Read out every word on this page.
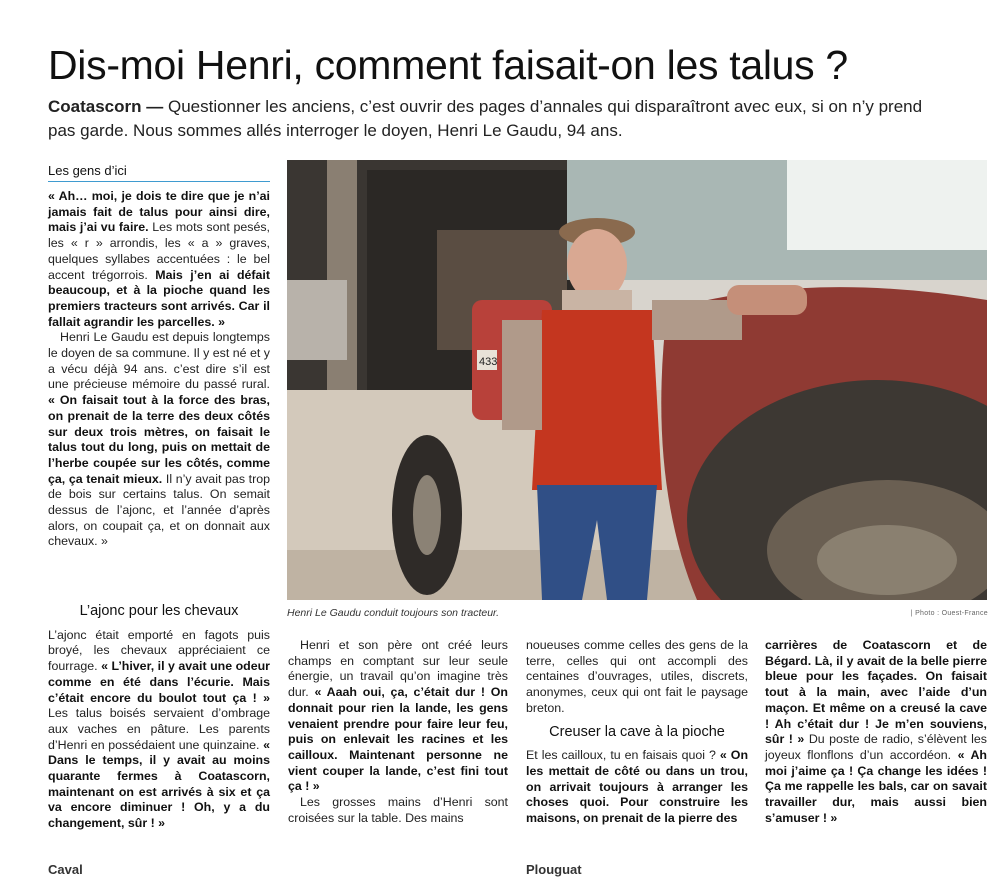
Dis-moi Henri, comment faisait-on les talus ?
Coatascorn — Questionner les anciens, c’est ouvrir des pages d’annales qui disparaîtront avec eux, si on n’y prend pas garde. Nous sommes allés interroger le doyen, Henri Le Gaudu, 94 ans.
Les gens d’ici

« Ah… moi, je dois te dire que je n’ai jamais fait de talus pour ainsi dire, mais j’ai vu faire. Les mots sont pesés, les « r » arrondis, les « a » graves, quelques syllabes accentuées : le bel accent trégorrois. Mais j’en ai défait beaucoup, et à la pioche quand les premiers tracteurs sont arrivés. Car il fallait agrandir les parcelles. »

Henri Le Gaudu est depuis longtemps le doyen de sa commune. Il y est né et y a vécu déjà 94 ans. c’est dire s’il est une précieuse mémoire du passé rural. « On faisait tout à la force des bras, on prenait de la terre des deux côtés sur deux trois mètres, on faisait le talus tout du long, puis on mettait de l’herbe coupée sur les côtés, comme ça, ça tenait mieux. Il n’y avait pas trop de bois sur certains talus. On semait dessus de l’ajonc, et l’année d’après alors, on coupait ça, et on donnait aux chevaux. »

L’ajonc pour les chevaux

L’ajonc était emporté en fagots puis broyé, les chevaux appréciaient ce fourrage. « L’hiver, il y avait une odeur comme en été dans l’écurie. Mais c’était encore du boulot tout ça ! » Les talus boisés servaient d’ombrage aux vaches en pâture. Les parents d’Henri en possédaient une quinzaine. « Dans le temps, il y avait au moins quarante fermes à Coatascorn, maintenant on est arrivés à six et ça va encore diminuer ! Oh, y a du changement, sûr ! »

433
Henri Le Gaudu conduit toujours son tracteur.	| Photo : Ouest-France

Henri et son père ont créé leurs champs en comptant sur leur seule énergie, un travail qu’on imagine très dur. « Aaah oui, ça, c’était dur ! On donnait pour rien la lande, les gens venaient prendre pour faire leur feu, puis on enlevait les racines et les cailloux. Maintenant personne ne vient couper la lande, c’est fini tout ça ! »

Les grosses mains d’Henri sont croisées sur la table. Des mains

noueuses comme celles des gens de la terre, celles qui ont accompli des centaines d’ouvrages, utiles, discrets, anonymes, ceux qui ont fait le paysage breton.

Creuser la cave à la pioche

Et les cailloux, tu en faisais quoi ? « On les mettait de côté ou dans un trou, on arrivait toujours à arranger les choses quoi. Pour construire les maisons, on prenait de la pierre des

carrières de Coatascorn et de Bégard. Là, il y avait de la belle pierre bleue pour les façades. On faisait tout à la main, avec l’aide d’un maçon. Et même on a creusé la cave ! Ah c’était dur ! Je m’en souviens, sûr ! » Du poste de radio, s’élèvent les joyeux flonflons d’un accordéon. « Ah moi j’aime ça ! Ça change les idées ! Ça me rappelle les bals, car on savait travailler dur, mais aussi bien s’amuser ! »

Caval	Plouguat
